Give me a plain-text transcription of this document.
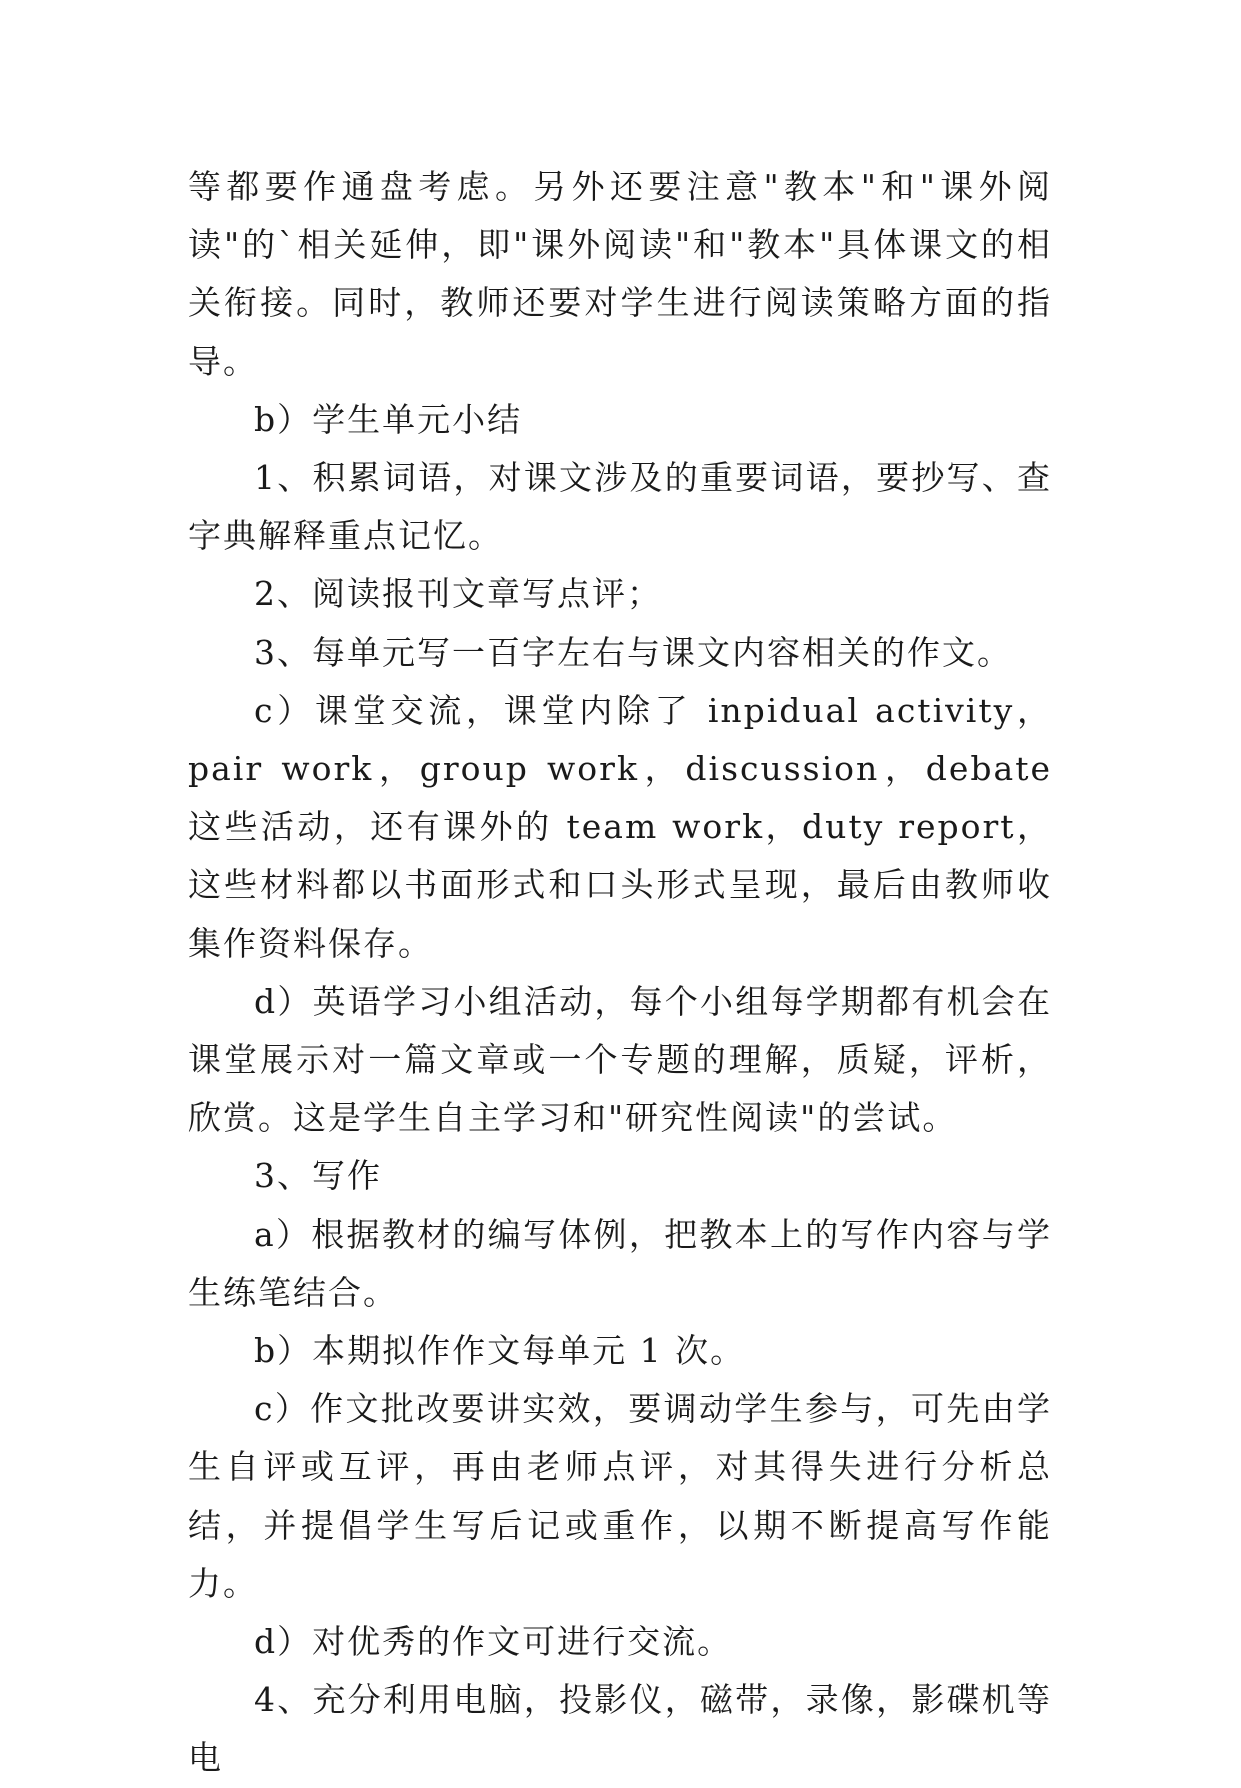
等都要作通盘考虑。另外还要注意"教本"和"课外阅读"的`相关延伸，即"课外阅读"和"教本"具体课文的相关衔接。同时，教师还要对学生进行阅读策略方面的指导。

b）学生单元小结

1、积累词语，对课文涉及的重要词语，要抄写、查字典解释重点记忆。

2、阅读报刊文章写点评；

3、每单元写一百字左右与课文内容相关的作文。

c）课堂交流，课堂内除了 inpidual activity，pair work，group work，discussion，debate 这些活动，还有课外的 team work，duty report，这些材料都以书面形式和口头形式呈现，最后由教师收集作资料保存。

d）英语学习小组活动，每个小组每学期都有机会在课堂展示对一篇文章或一个专题的理解，质疑，评析，欣赏。这是学生自主学习和"研究性阅读"的尝试。

3、写作

a）根据教材的编写体例，把教本上的写作内容与学生练笔结合。

b）本期拟作作文每单元 1 次。

c）作文批改要讲实效，要调动学生参与，可先由学生自评或互评，再由老师点评，对其得失进行分析总结，并提倡学生写后记或重作，以期不断提高写作能力。

d）对优秀的作文可进行交流。

4、充分利用电脑，投影仪，磁带，录像，影碟机等电
